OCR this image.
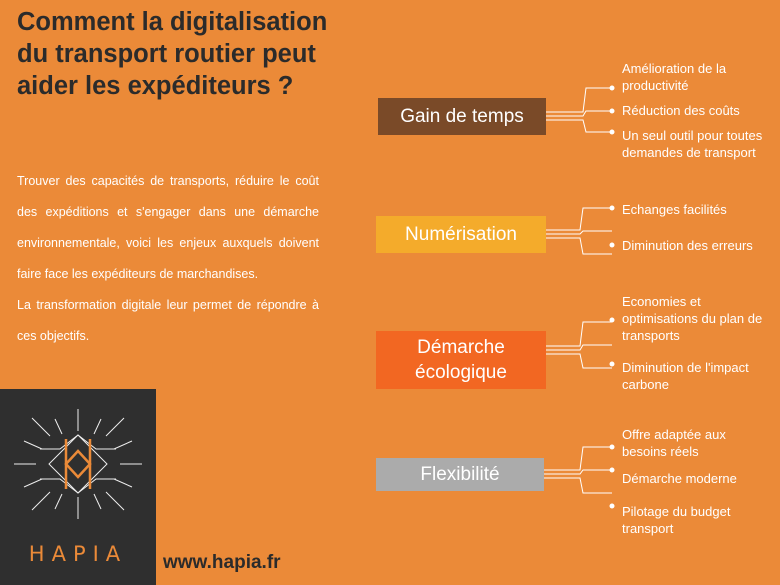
Comment la digitalisation du transport routier peut aider les expéditeurs ?

Trouver des capacités de transports, réduire le coût des expéditions et s'engager dans une démarche environnementale, voici les enjeux auxquels doivent faire face les expéditeurs de marchandises.

La transformation digitale leur permet de répondre à ces objectifs.

HAPIA	www.hapia.fr
Gain de temps
Amélioration de la productivité
Réduction des coûts
Un seul outil pour toutes demandes de transport
Numérisation
Echanges facilités
Diminution des erreurs
Démarche écologique
Economies et optimisations du plan de transports
Diminution de l'impact carbone
Flexibilité
Offre adaptée aux besoins réels
Démarche moderne
Pilotage du budget transport
